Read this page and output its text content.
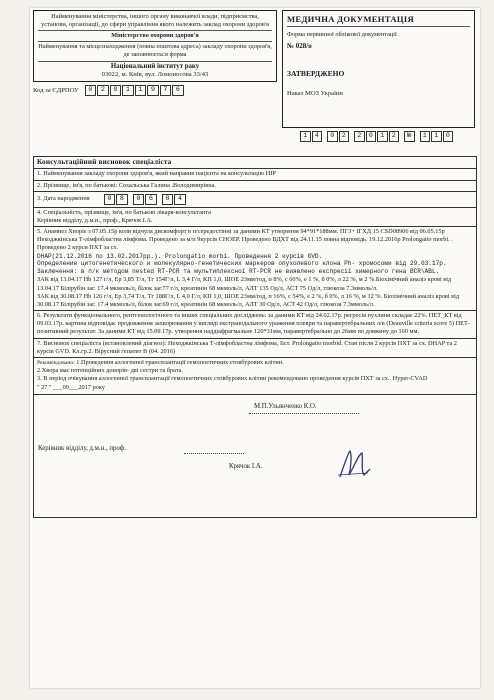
Найменування міністерства, іншого органу виконавчої влади, підприємства, установи, організації, до сфери управління якого належить заклад охорони здоров'я
Міністерство охорони здоров'я
Найменування та місцезнаходження (повна поштова адреса) закладу охорони здоров'я, де заповнюється форма
Національний інститут раку
03022, м. Київ, вул. Ломоносова 33/43
Код за ЄДРПОУ	0	2	0	1	1	9	7	6
МЕДИЧНА ДОКУМЕНТАЦІЯ
Форма первинної облікової документації
№ 028/о
ЗАТВЕРДЖЕНО
Наказ МОЗ України
1	4	0	2	2	0	1	2	№	1	1	0
Консультаційний висновок спеціаліста
1. Найменування закладу охорони здоров'я, який направив пацієнта на консультацію НІР
2. Прізвище, ім'я, по батькові: Сохальська Галина .Володимирівна.
3. Дата народження	0	8	0	6	8	4
4. Спеціальність, прізвище, ім'я, по батькові лікаря-консультанта
Керівник відділу, д.м.н., проф., Крячок І.А.
5. Анамнез Хворіє з 07.05.15р коли відчула дискомфорт в п/середостінні за даними КТ утворення 94*91*188мм. ПГЗ+ ІГХД 15 CSD08906 від 06.05.15р Неходжкінська Т-лімфобластна лімфома. Проведено за м/п 9курсів CHOEP. Проведено ВДХТ від 24.11.15 повна відповідь. 19.12.2016р Prolongatio morbi. . Проведено 2 курси ПХТ за сх.
DHAP(21.12.2016 по 13.02.2017рр.). Prolongatio morbi. Проведення 2 курсів GVD.
Определение цитогенетического и молекулярно-генетических маркеров опухолевого клона Ph- хромосоми від 29.03.17р. Заключення: в п/к методом nested RT-PCR та мультиплексної RT-PCR не виявлено експресії химерного гена BCR\ABL.
ЗАК від 13.04.17 Hb 127 г/л, Ер 3,85 Т/л, Тг 154Г/л, L 3,4 Г/л, КП 1,0, ШОЕ 23мм/год, п 8%, с 60%, е 1 %, б 0%, л 22 %, м 2 %.Біохімічний аналіз крові від 13.04.17 Білірубін заг. 17.4 мкмоль/л, білок заг.77 г/л, креатинін 68 мкмоль/л, АЛТ 135 Од/л, АСТ 75 Од/л, глюкоза 7.3ммоль/л.
ЗАК від 30.08.17 Hb 126 г/л, Ер 3,74 Т/л, Тг 188Г/л, L 4,0 Г/л, КП 1,0, ШОЕ 23мм/год, п 16%, с 54%, е 2 %, б 0%, л 16 %, м 12 %. Біохімічний аналіз крові від 30.08.17 Білірубін заг. 17.4 мкмоль/л, білок заг.69 г/л, креатинін 68 мкмоль/л, АЛТ 30 Од/л, АСТ 42 Од/л, глюкоза 7.3ммоль/л.
6. Результати функціонального, рентгенологічного та інших спеціальних досліджень: за даними КТ від 24.02.17р. регресія пухлини складає 22%. ПЕТ_КТ від 09.03.17р. картина відповідає продовження захворювання у вигляді екстранодального ураження плеври та паравертебральних л/в (Deauville criteria score 5) ПЕТ-позитивний результат. За даними КТ від 15.09.17р. утворення наддіафрагмальне 120*31мм, паравертебрально до 26мм по довжину до 160 мм.
7. Висновок спеціаліста (встановлений діагноз): Неходжкінська Т-лімфобластна лімфома, Ііст. Prolongatio morbid. Стан після 2 курсів ПХТ за сх. DHAP та 2 курсів GVD. Кл.гр.2. Вірусний гепатит В (04. 2016)
Рекомендовано: 1.Проведення аллогенної трансплантації гемопоетичних стовбурових клітин.
2.Хвора має потенційних донорів- дві сестри та брата.
3. В період очікування аллогенної трансплантації гемопоетичних стовбурових клітин рекомендовано проведення курсів ПХТ за сх.. Hyper-CVAD
" 27 " ___09___2017 року
М.П.Ульянченко К.О.
Керівник відділу, д.м.н., проф.
Крячок І.А.
